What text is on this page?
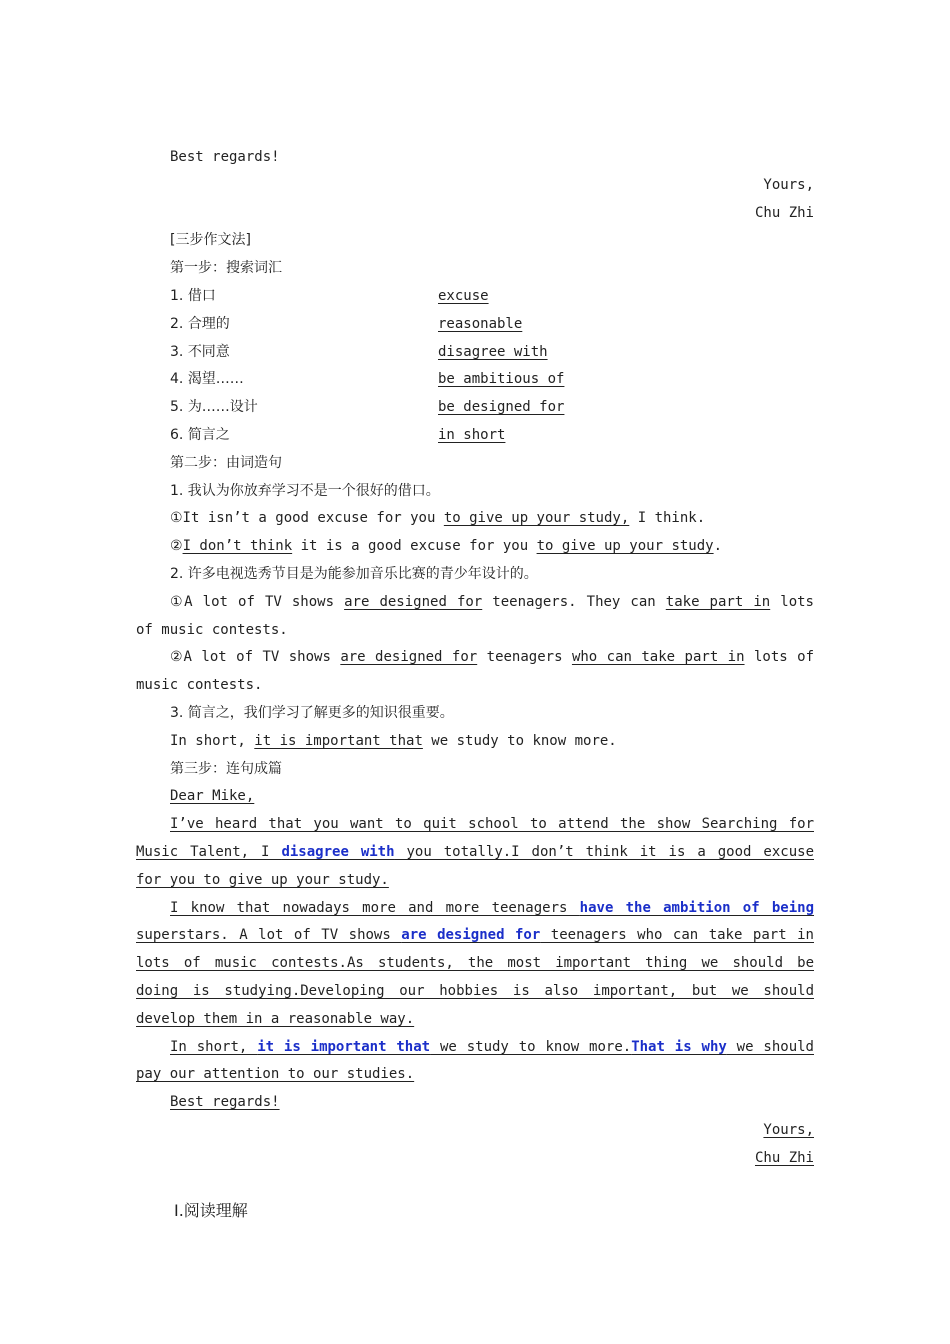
Best regards!
Yours,
Chu Zhi
[三步作文法]
第一步：搜索词汇
1. 借口	excuse
2. 合理的	reasonable
3. 不同意	disagree with
4. 渴望……	be ambitious of
5. 为……设计	be designed for
6. 简言之	in short
第二步：由词造句
1. 我认为你放弃学习不是一个很好的借口。
①It isn’t a good excuse for you to give up your study, I think.
②I don’t think it is a good excuse for you to give up your study.
2. 许多电视选秀节目是为能参加音乐比赛的青少年设计的。
①A lot of TV shows are designed for teenagers. They can take part in lots
of music contests.
②A lot of TV shows are designed for teenagers who can take part in lots of
music contests.
3. 简言之，我们学习了解更多的知识很重要。
In short, it is important that we study to know more.
第三步：连句成篇
Dear Mike,
I’ve heard that you want to quit school to attend the show Searching for
Music Talent, I disagree with you totally.I don’t think it is a good excuse
for you to give up your study.
I know that nowadays more and more teenagers have the ambition of being
superstars. A lot of TV shows are designed for teenagers who can take part in
lots of music contests.As students, the most important thing we should be
doing is studying.Developing our hobbies is also important, but we should
develop them in a reasonable way.
In short, it is important that we study to know more.That is why we should
pay our attention to our studies.
Best regards!
Yours,
Chu Zhi
Ⅰ.阅读理解
